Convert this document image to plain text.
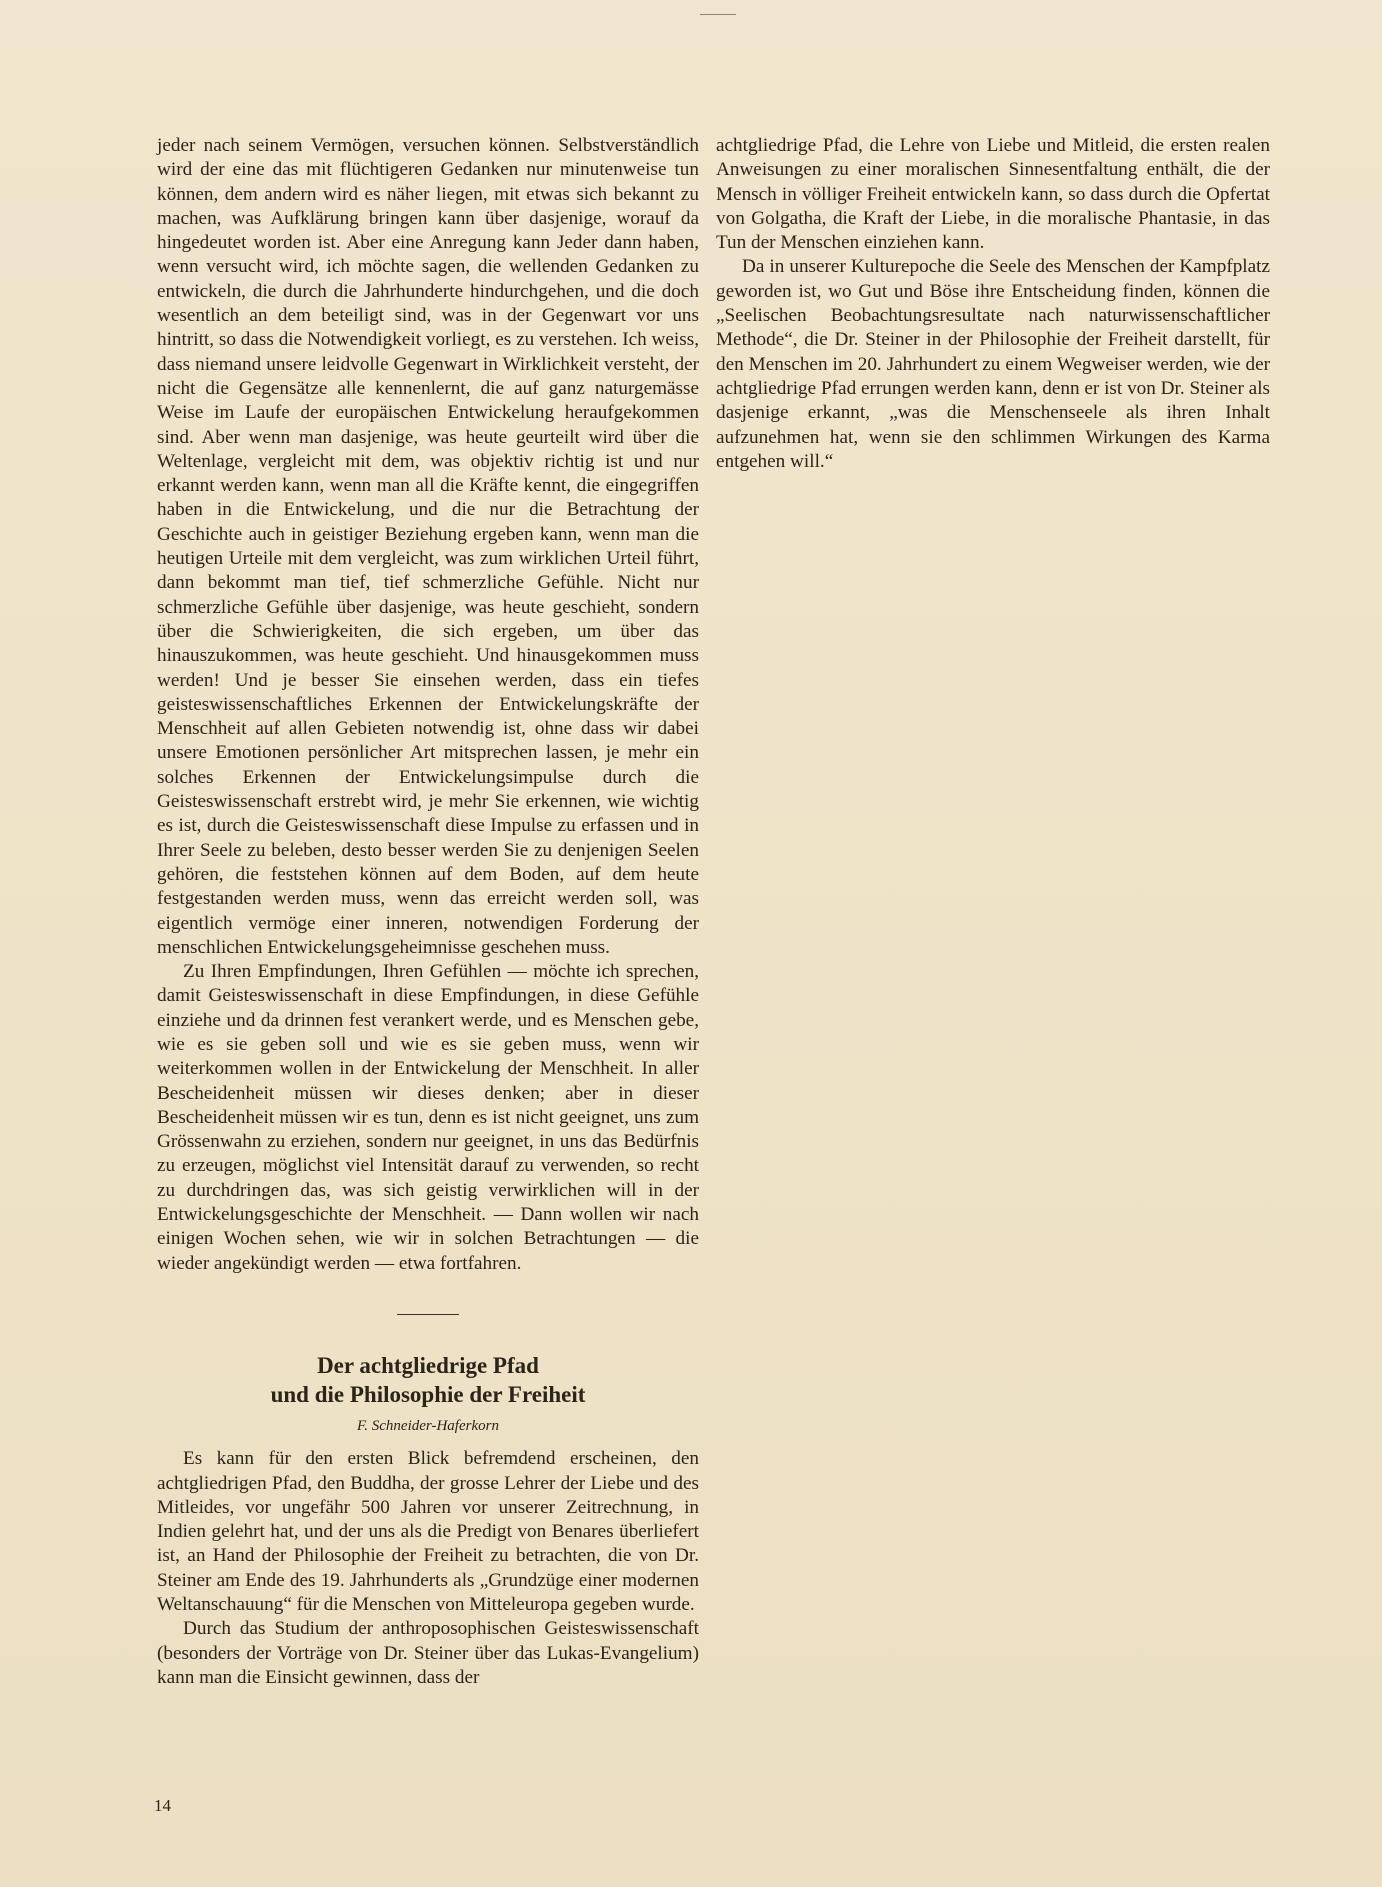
jeder nach seinem Vermögen, versuchen können. Selbstverständlich wird der eine das mit flüchtigeren Gedanken nur minutenweise tun können, dem andern wird es näher liegen, mit etwas sich bekannt zu machen, was Aufklärung bringen kann über dasjenige, worauf da hingedeutet worden ist. Aber eine Anregung kann Jeder dann haben, wenn versucht wird, ich möchte sagen, die wellenden Gedanken zu entwickeln, die durch die Jahrhunderte hindurchgehen, und die doch wesentlich an dem beteiligt sind, was in der Gegenwart vor uns hintritt, so dass die Notwendigkeit vorliegt, es zu verstehen. Ich weiss, dass niemand unsere leidvolle Gegenwart in Wirklichkeit versteht, der nicht die Gegensätze alle kennenlernt, die auf ganz naturgemässe Weise im Laufe der europäischen Entwickelung heraufgekommen sind. Aber wenn man dasjenige, was heute geurteilt wird über die Weltenlage, vergleicht mit dem, was objektiv richtig ist und nur erkannt werden kann, wenn man all die Kräfte kennt, die eingegriffen haben in die Entwickelung, und die nur die Betrachtung der Geschichte auch in geistiger Beziehung ergeben kann, wenn man die heutigen Urteile mit dem vergleicht, was zum wirklichen Urteil führt, dann bekommt man tief, tief schmerzliche Gefühle. Nicht nur schmerzliche Gefühle über dasjenige, was heute geschieht, sondern über die Schwierigkeiten, die sich ergeben, um über das hinauszukommen, was heute geschieht. Und hinausgekommen muss werden! Und je besser Sie einsehen werden, dass ein tiefes geisteswissenschaftliches Erkennen der Entwickelungskräfte der Menschheit auf allen Gebieten notwendig ist, ohne dass wir dabei unsere Emotionen persönlicher Art mitsprechen lassen, je mehr ein solches Erkennen der Entwickelungsimpulse durch die Geisteswissenschaft erstrebt wird, je mehr Sie erkennen, wie wichtig es ist, durch die Geisteswissenschaft diese Impulse zu erfassen und in Ihrer Seele zu beleben, desto besser werden Sie zu denjenigen Seelen gehören, die feststehen können auf dem Boden, auf dem heute festgestanden werden muss, wenn das erreicht werden soll, was eigentlich vermöge einer inneren, notwendigen Forderung der menschlichen Entwickelungsgeheimnisse geschehen muss.

Zu Ihren Empfindungen, Ihren Gefühlen — möchte ich sprechen, damit Geisteswissenschaft in diese Empfindungen, in diese Gefühle einziehe und da drinnen fest verankert werde, und es Menschen gebe, wie es sie geben soll und wie es sie geben muss, wenn wir weiterkommen wollen in der Entwickelung der Menschheit. In aller Bescheidenheit müssen wir dieses denken; aber in dieser Bescheidenheit müssen wir es tun, denn es ist nicht geeignet, uns zum Grössenwahn zu erziehen, sondern nur geeignet, in uns das Bedürfnis zu erzeugen, möglichst viel Intensität darauf zu verwenden, so recht zu durchdringen das, was sich geistig verwirklichen will in der Entwickelungsgeschichte der Menschheit. — Dann wollen wir nach einigen Wochen sehen, wie wir in solchen Betrachtungen — die wieder angekündigt werden — etwa fortfahren.

Der achtgliedrige Pfad
und die Philosophie der Freiheit
F. Schneider-Haferkorn

Es kann für den ersten Blick befremdend erscheinen, den achtgliedrigen Pfad, den Buddha, der grosse Lehrer der Liebe und des Mitleides, vor ungefähr 500 Jahren vor unserer Zeitrechnung, in Indien gelehrt hat, und der uns als die Predigt von Benares überliefert ist, an Hand der Philosophie der Freiheit zu betrachten, die von Dr. Steiner am Ende des 19. Jahrhunderts als „Grundzüge einer modernen Weltanschauung“ für die Menschen von Mitteleuropa gegeben wurde.

Durch das Studium der anthroposophischen Geisteswissenschaft (besonders der Vorträge von Dr. Steiner über das Lukas-Evangelium) kann man die Einsicht gewinnen, dass der

achtgliedrige Pfad, die Lehre von Liebe und Mitleid, die ersten realen Anweisungen zu einer moralischen Sinnesentfaltung enthält, die der Mensch in völliger Freiheit entwickeln kann, so dass durch die Opfertat von Golgatha, die Kraft der Liebe, in die moralische Phantasie, in das Tun der Menschen einziehen kann.

Da in unserer Kulturepoche die Seele des Menschen der Kampfplatz geworden ist, wo Gut und Böse ihre Entscheidung finden, können die „Seelischen Beobachtungsresultate nach naturwissenschaftlicher Methode“, die Dr. Steiner in der Philosophie der Freiheit darstellt, für den Menschen im 20. Jahrhundert zu einem Wegweiser werden, wie der achtgliedrige Pfad errungen werden kann, denn er ist von Dr. Steiner als dasjenige erkannt, „was die Menschenseele als ihren Inhalt aufzunehmen hat, wenn sie den schlimmen Wirkungen des Karma entgehen will.“

14
